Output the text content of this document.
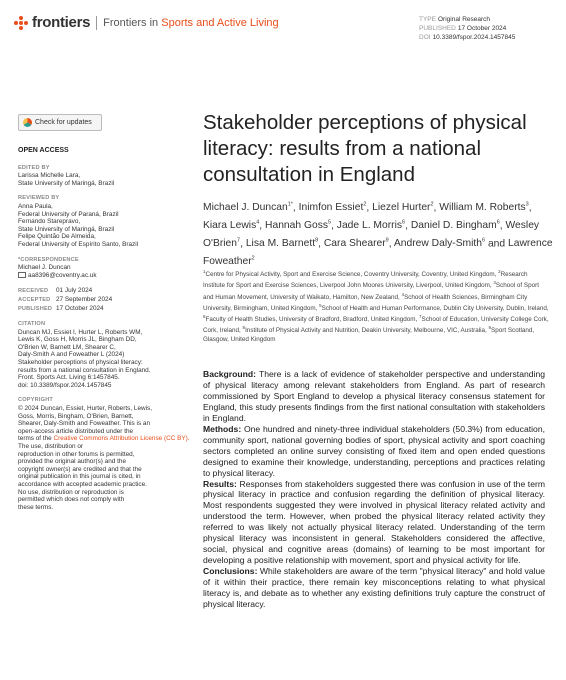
frontiers Frontiers in Sports and Active Living	TYPE Original Research
PUBLISHED 17 October 2024
DOI 10.3389/fspor.2024.1457845
Check for updates
OPEN ACCESS
EDITED BY
Larissa Michelle Lara,
State University of Maringá, Brazil
REVIEWED BY
Anna Paula,
Federal University of Paraná, Brazil
Fernando Starepravo,
State University of Maringá, Brazil
Felipe Quintão De Almeida,
Federal University of Espírito Santo, Brazil
*CORRESPONDENCE
Michael J. Duncan
aa8396@coventry.ac.uk
RECEIVED 01 July 2024
ACCEPTED 27 September 2024
PUBLISHED 17 October 2024
CITATION
Duncan MJ, Essiet I, Hurter L, Roberts WM,
Lewis K, Goss H, Morris JL, Bingham DD,
O'Brien W, Barnett LM, Shearer C,
Daly-Smith A and Foweather L (2024)
Stakeholder perceptions of physical literacy:
results from a national consultation in England.
Front. Sports Act. Living 6:1457845.
doi: 10.3389/fspor.2024.1457845
COPYRIGHT
© 2024 Duncan, Essiet, Hurter, Roberts, Lewis,
Goss, Morris, Bingham, O'Brien, Barnett,
Shearer, Daly-Smith and Foweather. This is an
open-access article distributed under the
terms of the Creative Commons Attribution License (CC BY).
The use, distribution or
reproduction in other forums is permitted,
provided the original author(s) and the
copyright owner(s) are credited and that the
original publication in this journal is cited, in
accordance with accepted academic practice.
No use, distribution or reproduction is
permitted which does not comply with
these terms.
Stakeholder perceptions of physical literacy: results from a national consultation in England
Michael J. Duncan$^{1*}$, Inimfon Essiet$^2$, Liezel Hurter$^2$, William M. Roberts$^3$, Kiara Lewis$^4$, Hannah Goss$^5$, Jade L. Morris$^6$, Daniel D. Bingham$^6$, Wesley O'Brien$^7$, Lisa M. Barnett$^8$, Cara Shearer$^9$, Andrew Daly-Smith$^6$ and Lawrence Foweather$^2$
$^1$Centre for Physical Activity, Sport and Exercise Science, Coventry University, Coventry, United Kingdom, $^2$Research Institute for Sport and Exercise Sciences, Liverpool John Moores University, Liverpool, United Kingdom, $^3$School of Sport and Human Movement, University of Waikato, Hamilton, New Zealand, $^4$School of Health Sciences, Birmingham City University, Birmingham, United Kingdom, $^5$School of Health and Human Performance, Dublin City University, Dublin, Ireland, $^6$Faculty of Health Studies, University of Bradford, Bradford, United Kingdom, $^7$School of Education, University College Cork, Cork, Ireland, $^8$Institute of Physical Activity and Nutrition, Deakin University, Melbourne, VIC, Australia, $^9$Sport Scotland, Glasgow, United Kingdom

Background: There is a lack of evidence of stakeholder perspective and understanding of physical literacy among relevant stakeholders from England. As part of research commissioned by Sport England to develop a physical literacy consensus statement for England, this study presents findings from the first national consultation with stakeholders in England.

Methods: One hundred and ninety-three individual stakeholders (50.3%) from education, community sport, national governing bodies of sport, physical activity and sport coaching sectors completed an online survey consisting of fixed item and open ended questions designed to examine their knowledge, understanding, perceptions and practices relating to physical literacy.

Results: Responses from stakeholders suggested there was confusion in use of the term physical literacy in practice and confusion regarding the definition of physical literacy. Most respondents suggested they were involved in physical literacy related activity and understood the term. However, when probed the physical literacy related activity they referred to was likely not actually physical literacy related. Understanding of the term physical literacy was inconsistent in general. Stakeholders considered the affective, social, physical and cognitive areas (domains) of learning to be most important for developing a positive relationship with movement, sport and physical activity for life.

Conclusions: While stakeholders are aware of the term "physical literacy" and hold value of it within their practice, there remain key misconceptions relating to what physical literacy is, and debate as to whether any existing definitions truly capture the construct of physical literacy.
